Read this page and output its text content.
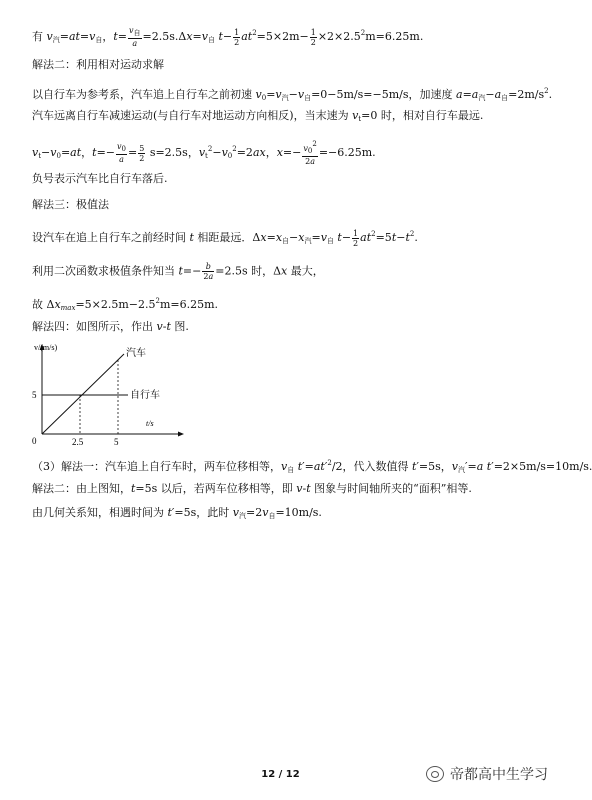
有 $v_汽=at=v_自$，$t= \frac{\text{v自}}{a} =2.5s.\Delta x=v_自$ $t- \frac{1}{2} at^2=5\times 2m- \frac{1}{2} \times 2\times 2.5^2m=6.25m$.
解法二：利用相对运动求解
以自行车为参考系，汽车追上自行车之前初速 $v_0=v_汽-v_自=0-5m/s=-5m/s$，加速度 $a=a_汽-a_自=2m/s^2$.
汽车远离自行车减速运动(与自行车对地运动方向相反)，当末速为 $v_t=0$ 时，相对自行车最远.
$v_t-v_0=at$，$t=- \frac{v0}{a} = \frac{5}{2} s=2.5s$，$v_t^2-v_0^2=2ax$，$x=- \frac{v02}{2a} =-6.25m$.
负号表示汽车比自行车落后.
解法三：极值法
设汽车在追上自行车之前经时间 t 相距最远．$\Delta x=x_自-x_汽=v_自$ $t- \frac{1}{2} at^2=5t-t^2$.
利用二次函数求极值条件知当 $t=- \frac{b}{2a} =2.5s$ 时，Δx 最大，
故 $\Delta x_{max}=5\times 2.5m-2.5^2m=6.25m$.
解法四：如图所示，作出 v-t 图.
v/(m/s)
t/s
0
5
2.5	5
汽车
自行车
（3）解法一：汽车追上自行车时，两车位移相等，$v_自$ $t'=at'^2/2$，代入数值得 t′=5s，$v_汽'=a$ t′=2×5m/s=10m/s.
解法二：由上图知，t=5s 以后，若两车位移相等，即 v-t 图象与时间轴所夹的“面积”相等.
由几何关系知，相遇时间为 t′=5s，此时 $v_汽=2v_自=10m/s$.
12 / 12	帝都高中生学习
